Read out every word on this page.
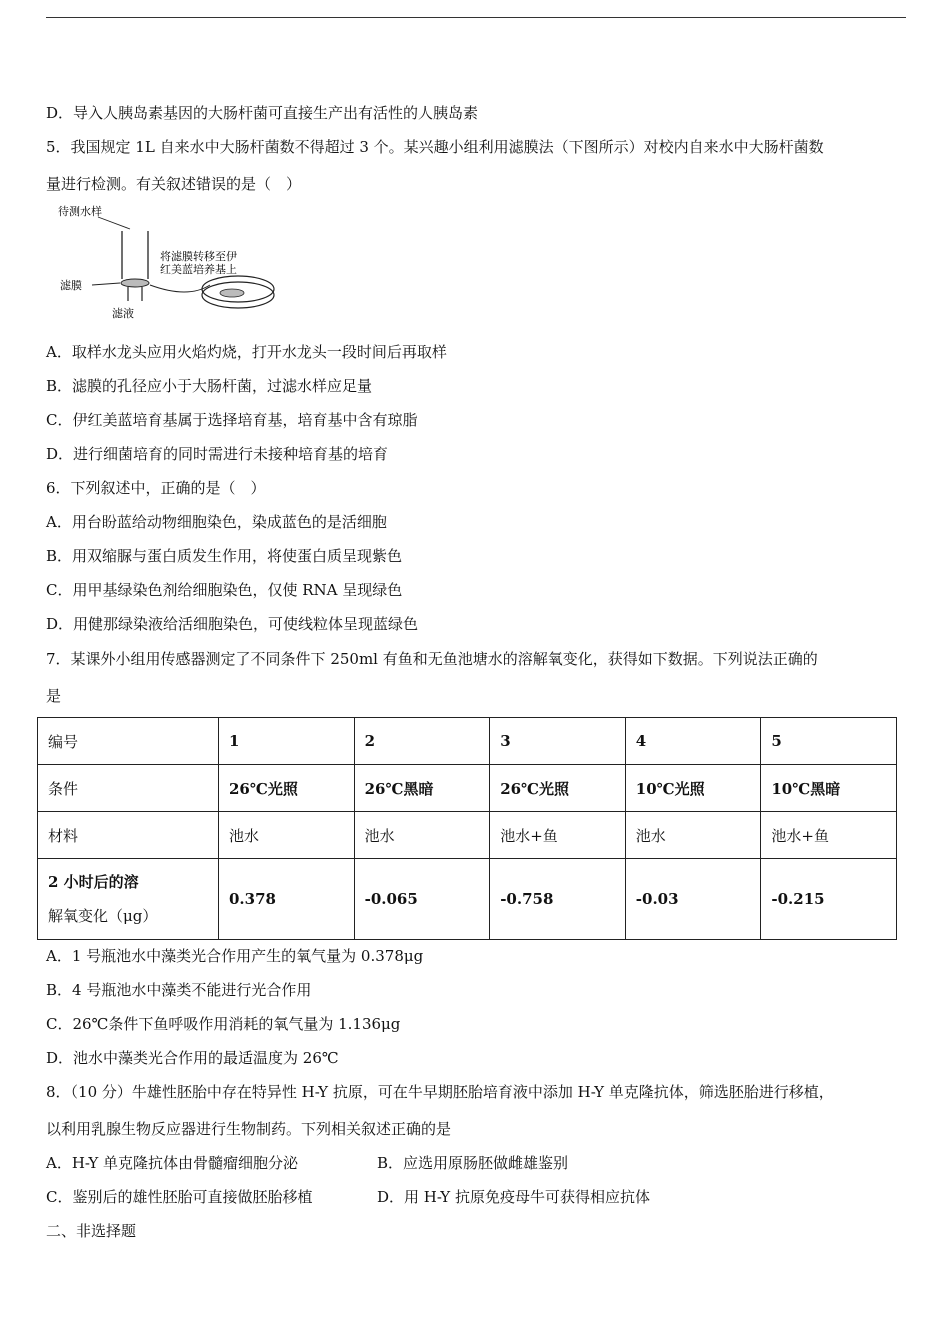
D．导入人胰岛素基因的大肠杆菌可直接生产出有活性的人胰岛素
5．我国规定 1L 自来水中大肠杆菌数不得超过 3 个。某兴趣小组利用滤膜法（下图所示）对校内自来水中大肠杆菌数
量进行检测。有关叙述错误的是（　）
待测水样
将滤膜转移至伊
红美蓝培养基上
滤膜
滤液
A．取样水龙头应用火焰灼烧，打开水龙头一段时间后再取样
B．滤膜的孔径应小于大肠杆菌，过滤水样应足量
C．伊红美蓝培育基属于选择培育基，培育基中含有琼脂
D．进行细菌培育的同时需进行未接种培育基的培育
6．下列叙述中，正确的是（　）
A．用台盼蓝给动物细胞染色，染成蓝色的是活细胞
B．用双缩脲与蛋白质发生作用，将使蛋白质呈现紫色
C．用甲基绿染色剂给细胞染色，仅使 RNA 呈现绿色
D．用健那绿染液给活细胞染色，可使线粒体呈现蓝绿色
7．某课外小组用传感器测定了不同条件下 250ml 有鱼和无鱼池塘水的溶解氧变化，获得如下数据。下列说法正确的
是
编号	1	2	3	4	5
条件	26℃光照	26℃黑暗	26℃光照	10℃光照	10℃黑暗
材料	池水	池水	池水+鱼	池水	池水+鱼

2 小时后的溶
解氧变化（μg）	0.378	-0.065	-0.758	-0.03	-0.215
A．1 号瓶池水中藻类光合作用产生的氧气量为 0.378μg
B．4 号瓶池水中藻类不能进行光合作用
C．26℃条件下鱼呼吸作用消耗的氧气量为 1.136μg
D．池水中藻类光合作用的最适温度为 26℃
8．（10 分）牛雄性胚胎中存在特异性 H-Y 抗原，可在牛早期胚胎培育液中添加 H-Y 单克隆抗体，筛选胚胎进行移植，
以利用乳腺生物反应器进行生物制药。下列相关叙述正确的是
A．H-Y 单克隆抗体由骨髓瘤细胞分泌	B．应选用原肠胚做雌雄鉴别
C．鉴别后的雄性胚胎可直接做胚胎移植	D．用 H-Y 抗原免疫母牛可获得相应抗体
二、非选择题
